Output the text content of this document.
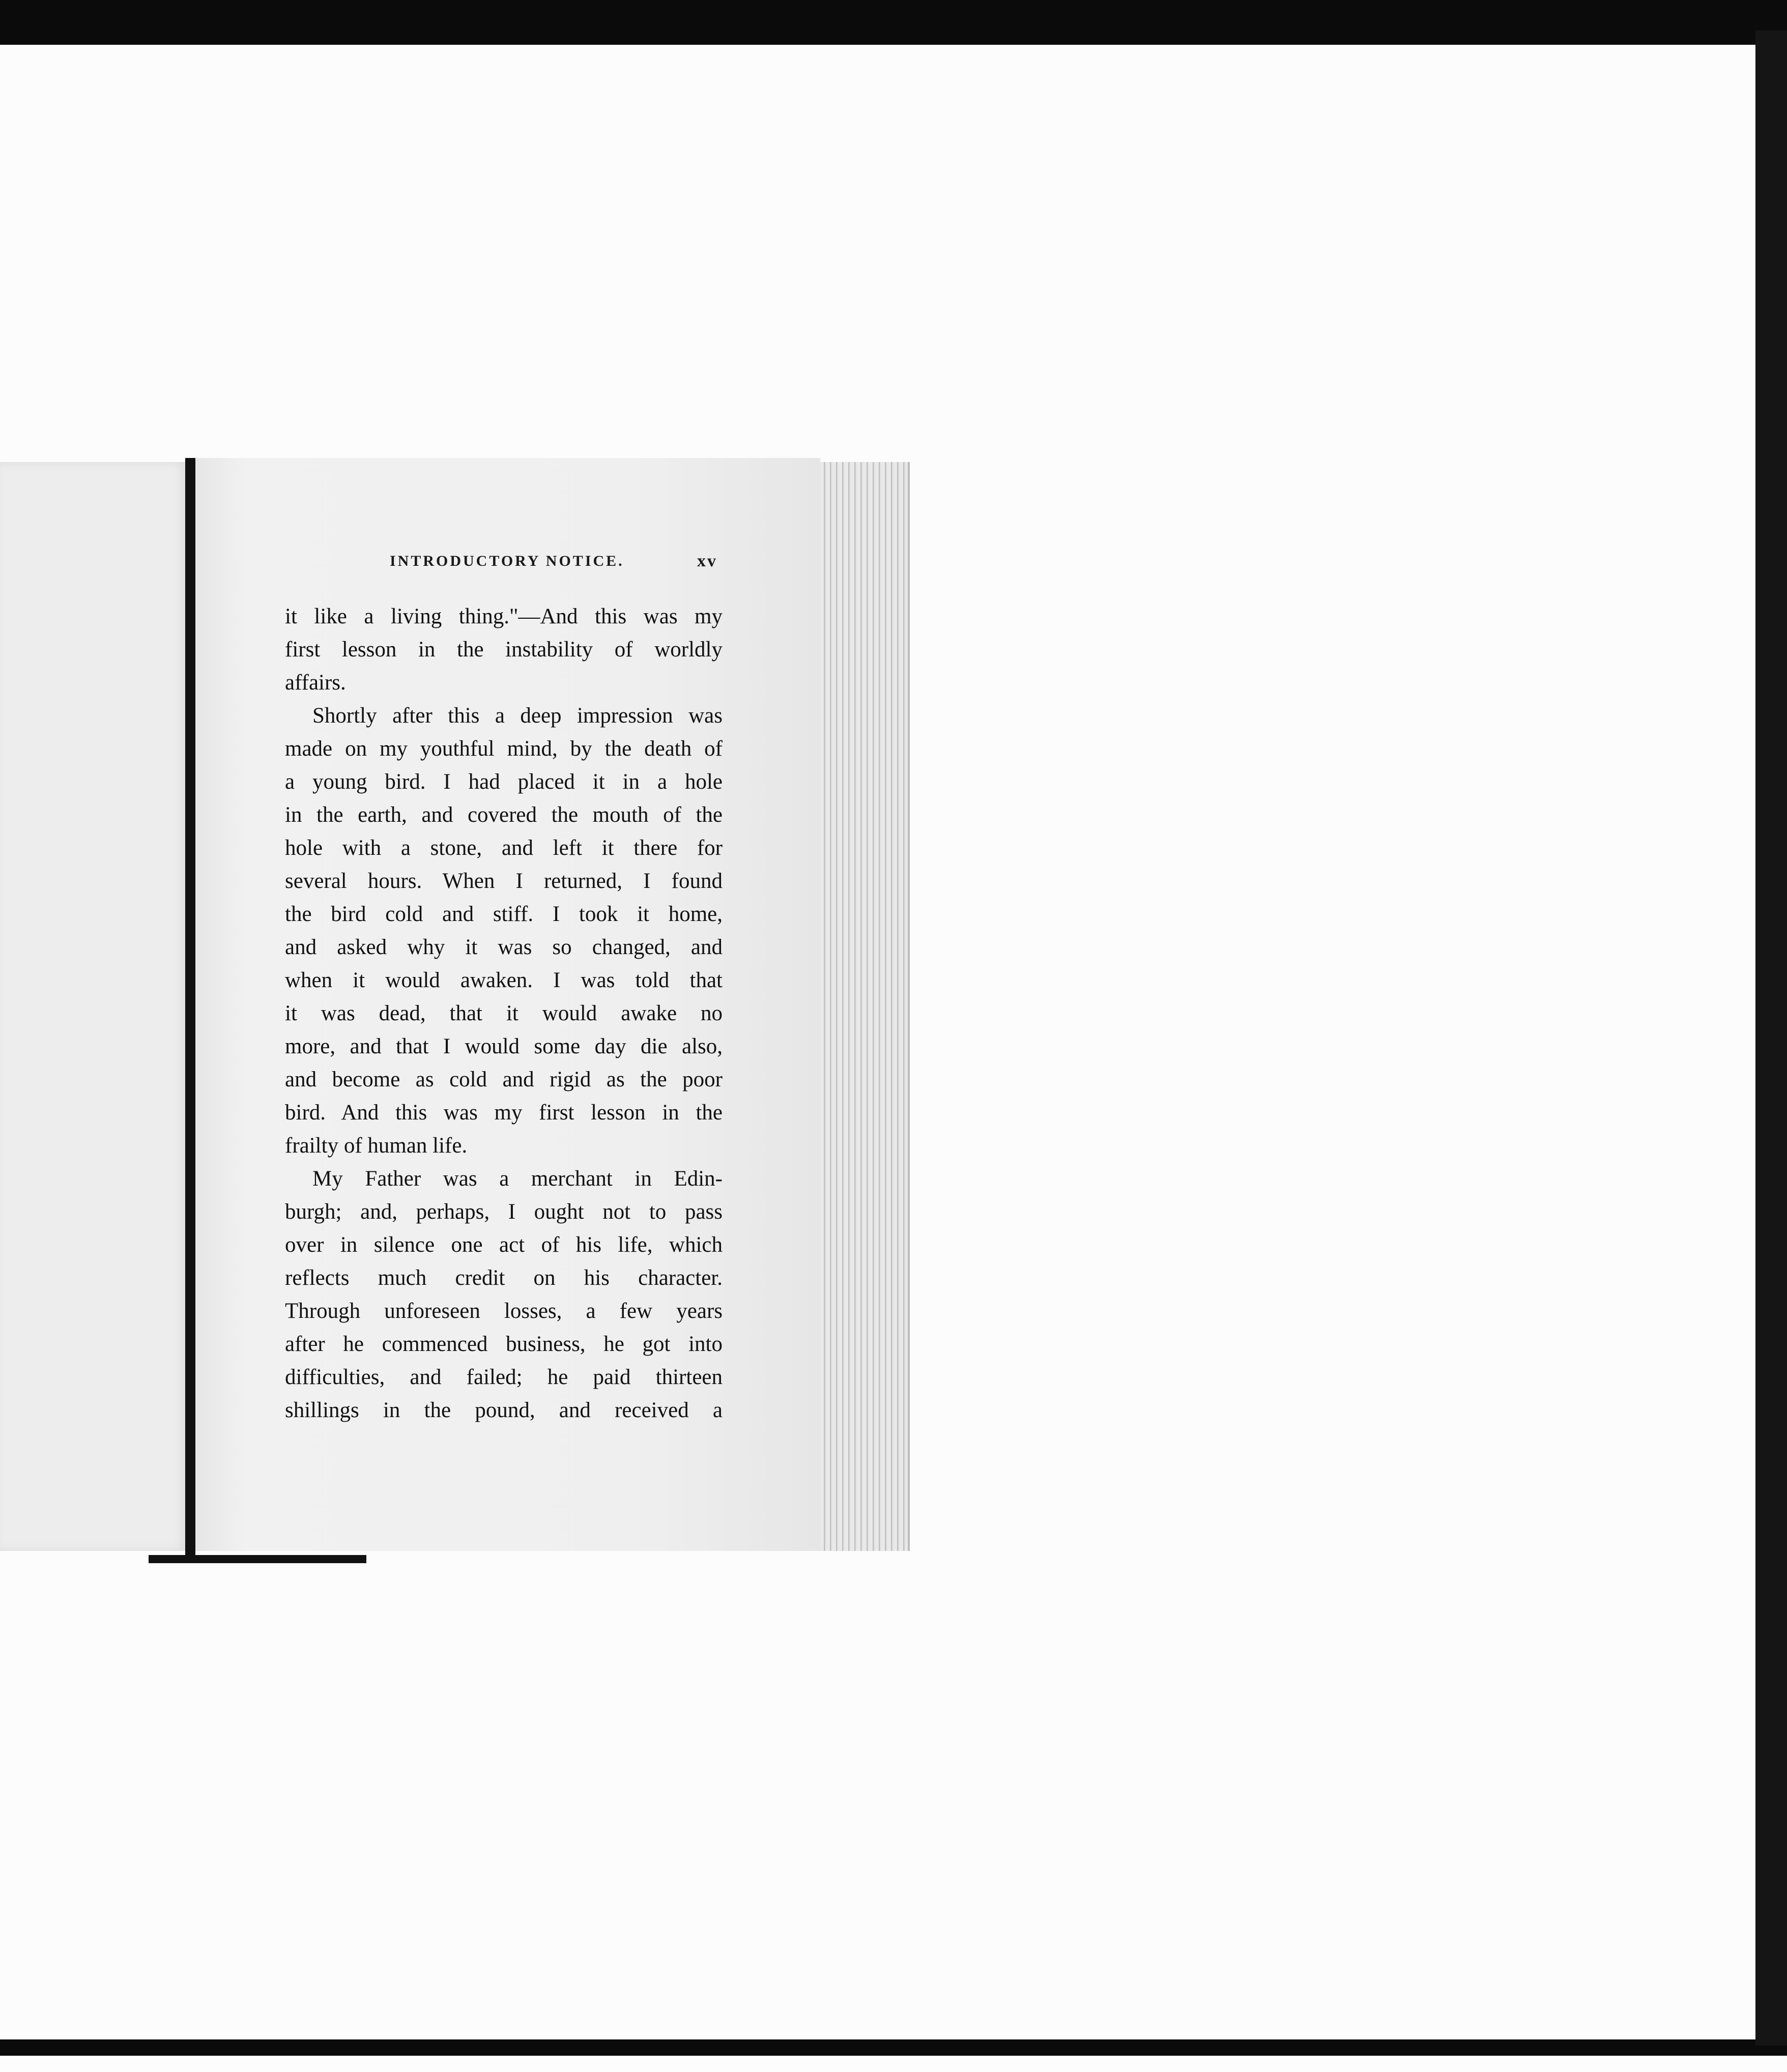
INTRODUCTORY NOTICE.	xv
it like a living thing."—And this was my
first lesson in the instability of worldly
affairs.
Shortly after this a deep impression was
made on my youthful mind, by the death of
a young bird. I had placed it in a hole
in the earth, and covered the mouth of the
hole with a stone, and left it there for
several hours. When I returned, I found
the bird cold and stiff. I took it home,
and asked why it was so changed, and
when it would awaken. I was told that
it was dead, that it would awake no
more, and that I would some day die also,
and become as cold and rigid as the poor
bird. And this was my first lesson in the
frailty of human life.
My Father was a merchant in Edin-
burgh; and, perhaps, I ought not to pass
over in silence one act of his life, which
reflects much credit on his character.
Through unforeseen losses, a few years
after he commenced business, he got into
difficulties, and failed; he paid thirteen
shillings in the pound, and received a
